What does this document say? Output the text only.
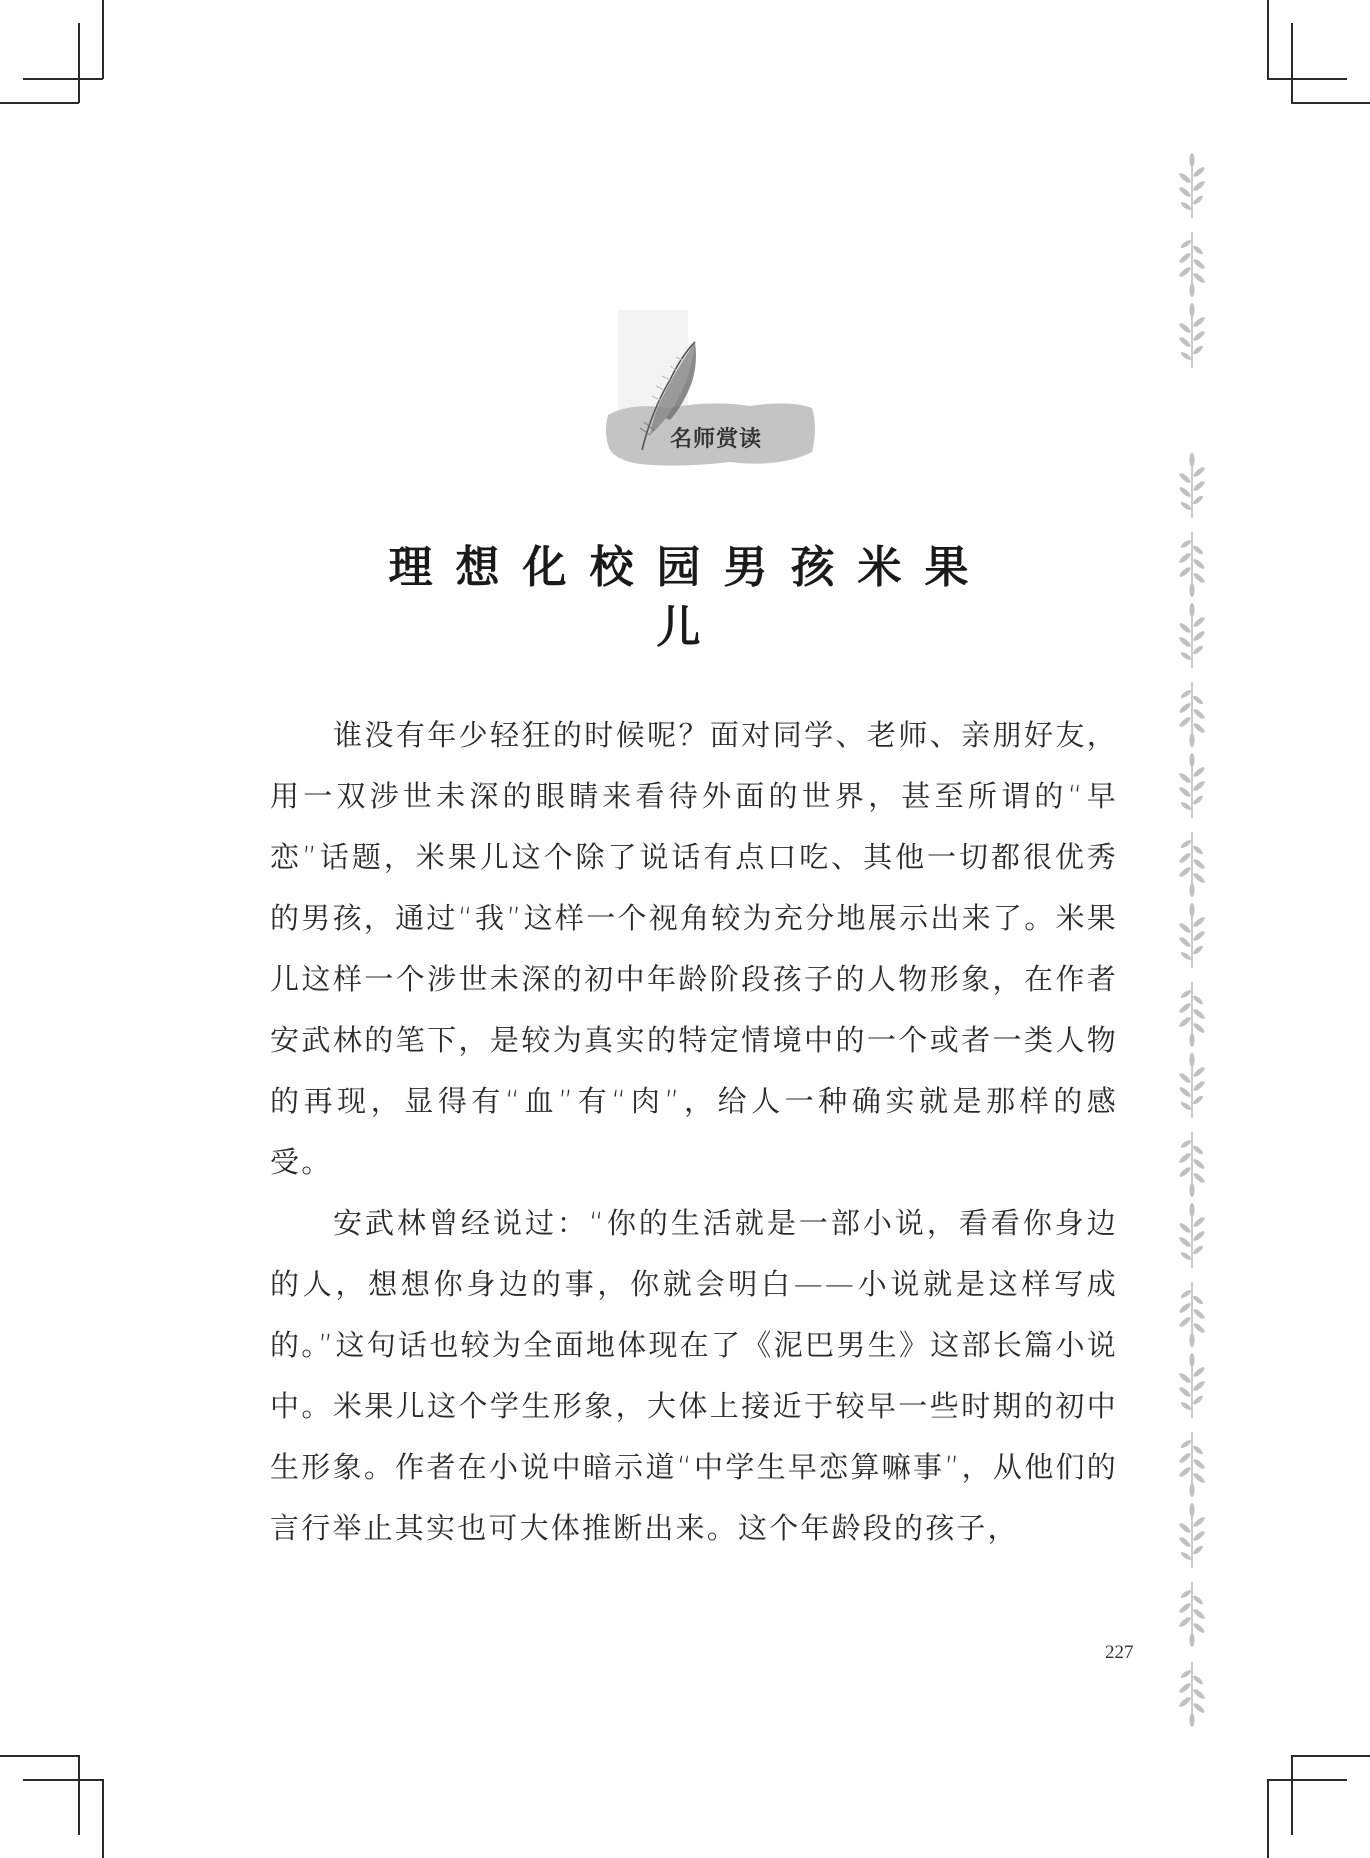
名师赏读
理想化校园男孩米果儿

谁没有年少轻狂的时候呢？面对同学、老师、亲朋好友，用一双涉世未深的眼睛来看待外面的世界，甚至所谓的“早恋”话题，米果儿这个除了说话有点口吃、其他一切都很优秀的男孩，通过“我”这样一个视角较为充分地展示出来了。米果儿这样一个涉世未深的初中年龄阶段孩子的人物形象，在作者安武林的笔下，是较为真实的特定情境中的一个或者一类人物的再现，显得有“血”有“肉”，给人一种确实就是那样的感受。

安武林曾经说过：“你的生活就是一部小说，看看你身边的人，想想你身边的事，你就会明白——小说就是这样写成的。”这句话也较为全面地体现在了《泥巴男生》这部长篇小说中。米果儿这个学生形象，大体上接近于较早一些时期的初中生形象。作者在小说中暗示道“中学生早恋算嘛事”，从他们的言行举止其实也可大体推断出来。这个年龄段的孩子，

227
